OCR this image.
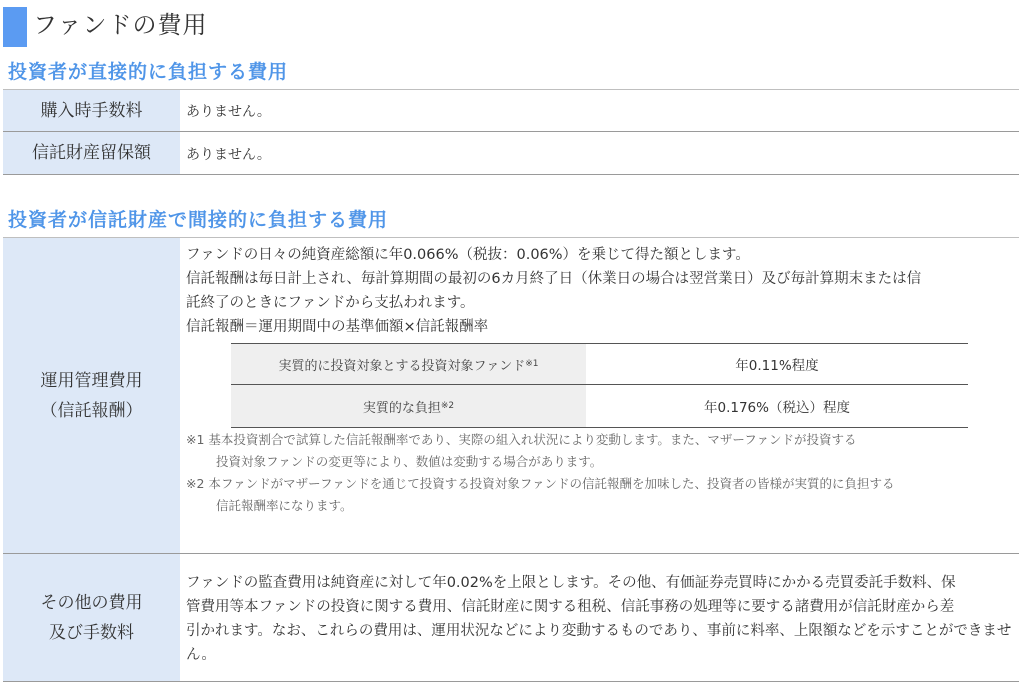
ファンドの費用
投資者が直接的に負担する費用
購入時手数料	ありません。
信託財産留保額	ありません。
投資者が信託財産で間接的に負担する費用
運用管理費用
（信託報酬）
ファンドの日々の純資産総額に年0.066%（税抜：0.06%）を乗じて得た額とします。
信託報酬は毎日計上され、毎計算期間の最初の6カ月終了日（休業日の場合は翌営業日）及び毎計算期末または信
託終了のときにファンドから支払われます。
信託報酬＝運用期間中の基準価額×信託報酬率
実質的に投資対象とする投資対象ファンド ※1	年0.11%程度
実質的な負担 ※2	年0.176%（税込）程度
※1 基本投資割合で試算した信託報酬率であり、実際の組入れ状況により変動します。また、マザーファンドが投資する
投資対象ファンドの変更等により、数値は変動する場合があります。
※2 本ファンドがマザーファンドを通じて投資する投資対象ファンドの信託報酬を加味した、投資者の皆様が実質的に負担する
信託報酬率になります。
その他の費用
及び手数料
ファンドの監査費用は純資産に対して年0.02%を上限とします。その他、有価証券売買時にかかる売買委託手数料、保
管費用等本ファンドの投資に関する費用、信託財産に関する租税、信託事務の処理等に要する諸費用が信託財産から差
引かれます。なお、これらの費用は、運用状況などにより変動するものであり、事前に料率、上限額などを示すことができませ
ん。
